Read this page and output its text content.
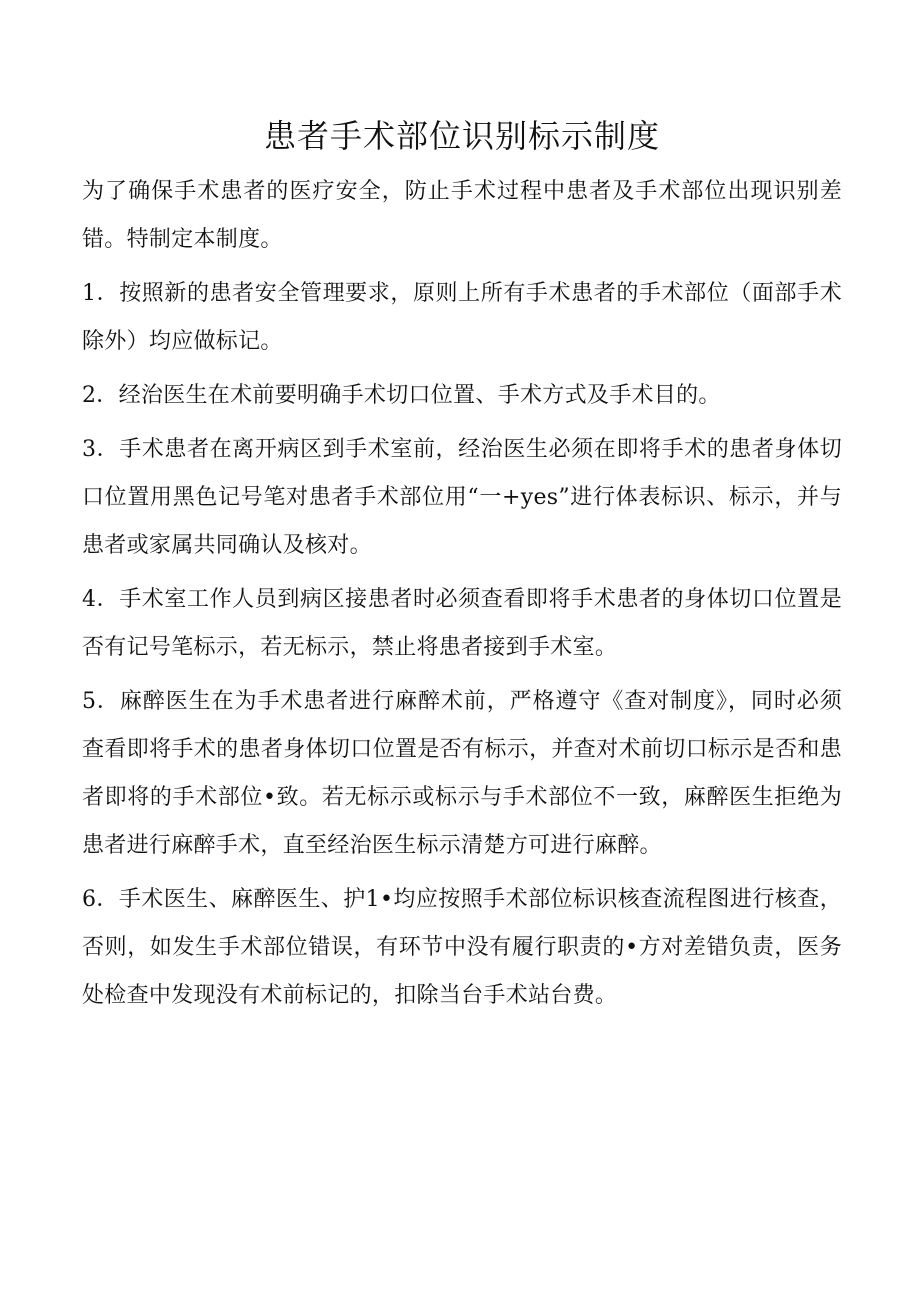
患者手术部位识别标示制度

为了确保手术患者的医疗安全，防止手术过程中患者及手术部位出现识别差错。特制定本制度。

1．按照新的患者安全管理要求，原则上所有手术患者的手术部位（面部手术除外）均应做标记。

2．经治医生在术前要明确手术切口位置、手术方式及手术目的。

3．手术患者在离开病区到手术室前，经治医生必须在即将手术的患者身体切口位置用黑色记号笔对患者手术部位用“一+yes”进行体表标识、标示，并与患者或家属共同确认及核对。

4．手术室工作人员到病区接患者时必须查看即将手术患者的身体切口位置是否有记号笔标示，若无标示，禁止将患者接到手术室。

5．麻醉医生在为手术患者进行麻醉术前，严格遵守《查对制度》，同时必须查看即将手术的患者身体切口位置是否有标示，并查对术前切口标示是否和患者即将的手术部位•致。若无标示或标示与手术部位不一致，麻醉医生拒绝为患者进行麻醉手术，直至经治医生标示清楚方可进行麻醉。

6．手术医生、麻醉医生、护1•均应按照手术部位标识核查流程图进行核查，否则，如发生手术部位错误，有环节中没有履行职责的•方对差错负责，医务处检查中发现没有术前标记的，扣除当台手术站台费。
